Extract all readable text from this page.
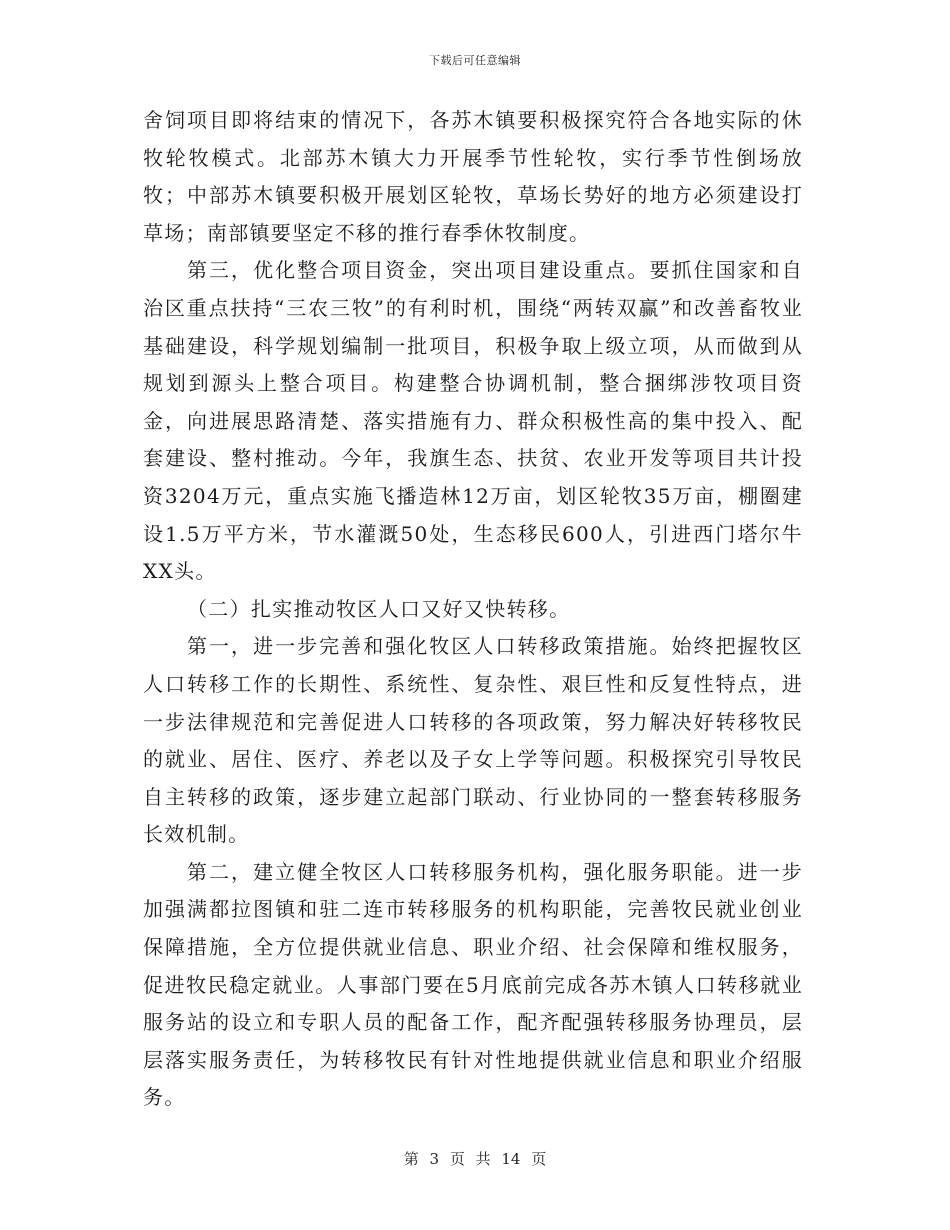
下载后可任意编辑

舍饲项目即将结束的情况下，各苏木镇要积极探究符合各地实际的休牧轮牧模式。北部苏木镇大力开展季节性轮牧，实行季节性倒场放牧；中部苏木镇要积极开展划区轮牧，草场长势好的地方必须建设打草场；南部镇要坚定不移的推行春季休牧制度。

第三，优化整合项目资金，突出项目建设重点。要抓住国家和自治区重点扶持“三农三牧”的有利时机，围绕“两转双赢”和改善畜牧业基础建设，科学规划编制一批项目，积极争取上级立项，从而做到从规划到源头上整合项目。构建整合协调机制，整合捆绑涉牧项目资金，向进展思路清楚、落实措施有力、群众积极性高的集中投入、配套建设、整村推动。今年，我旗生态、扶贫、农业开发等项目共计投资3204万元，重点实施飞播造林12万亩，划区轮牧35万亩，棚圈建设1.5万平方米，节水灌溉50处，生态移民600人，引进西门塔尔牛XX头。

（二）扎实推动牧区人口又好又快转移。

第一，进一步完善和强化牧区人口转移政策措施。始终把握牧区人口转移工作的长期性、系统性、复杂性、艰巨性和反复性特点，进一步法律规范和完善促进人口转移的各项政策，努力解决好转移牧民的就业、居住、医疗、养老以及子女上学等问题。积极探究引导牧民自主转移的政策，逐步建立起部门联动、行业协同的一整套转移服务长效机制。

第二，建立健全牧区人口转移服务机构，强化服务职能。进一步加强满都拉图镇和驻二连市转移服务的机构职能，完善牧民就业创业保障措施，全方位提供就业信息、职业介绍、社会保障和维权服务，促进牧民稳定就业。人事部门要在5月底前完成各苏木镇人口转移就业服务站的设立和专职人员的配备工作，配齐配强转移服务协理员，层层落实服务责任，为转移牧民有针对性地提供就业信息和职业介绍服务。

第 3 页 共 14 页
